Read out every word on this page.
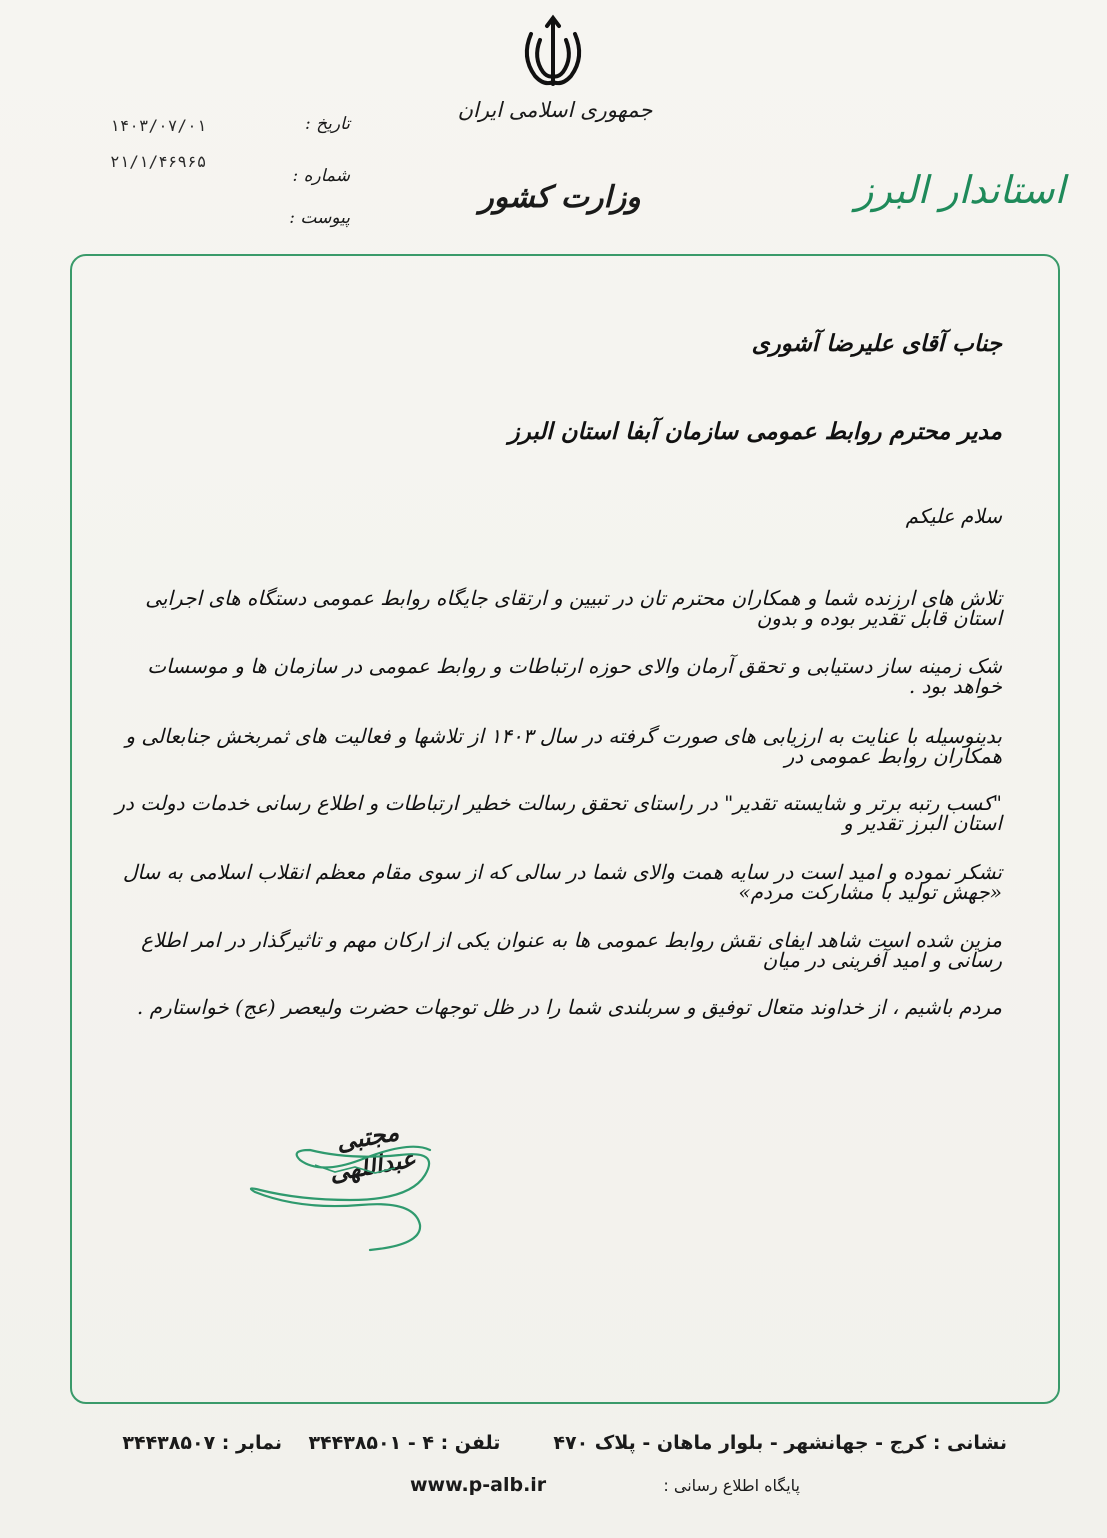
جمهوری اسلامی ایران
وزارت کشور	استاندار البرز
تاریخ :
۱۴۰۳/۰۷/۰۱
شماره :
۲۱/۱/۴۶۹۶۵
پیوست :
جناب آقای علیرضا آشوری
مدیر محترم روابط عمومی سازمان آبفا استان البرز
سلام علیکم
تلاش های ارزنده شما و همکاران محترم تان در تبیین و ارتقای جایگاه روابط عمومی دستگاه های اجرایی استان قابل تقدیر بوده و بدون
شک زمینه ساز دستیابی و تحقق آرمان والای حوزه ارتباطات و روابط عمومی در سازمان ها و موسسات خواهد بود .
بدینوسیله با عنایت به ارزیابی های صورت گرفته در سال ۱۴۰۳ از تلاشها و فعالیت های ثمربخش جنابعالی و همکاران روابط عمومی در
"کسب رتبه برتر و شایسته تقدیر" در راستای تحقق رسالت خطیر ارتباطات و اطلاع رسانی خدمات دولت در استان البرز تقدیر و
تشکر نموده و امید است در سایه همت والای شما در سالی که از سوی مقام معظم انقلاب اسلامی به سال «جهش تولید با مشارکت مردم»
مزین شده است شاهد ایفای نقش روابط عمومی ها به عنوان یکی از ارکان مهم و تاثیرگذار در امر اطلاع رسانی و امید آفرینی در میان
مردم باشیم ، از خداوند متعال توفیق و سربلندی شما را در ظل توجهات حضرت ولیعصر (عج) خواستارم .
مجتبی عبداللهی
نشانی : کرج - جهانشهر - بلوار ماهان - پلاک ۴۷۰        تلفن : ۴ - ۳۴۴۳۸۵۰۱    نمابر : ۳۴۴۳۸۵۰۷
پایگاه اطلاع رسانی :
www.p-alb.ir
